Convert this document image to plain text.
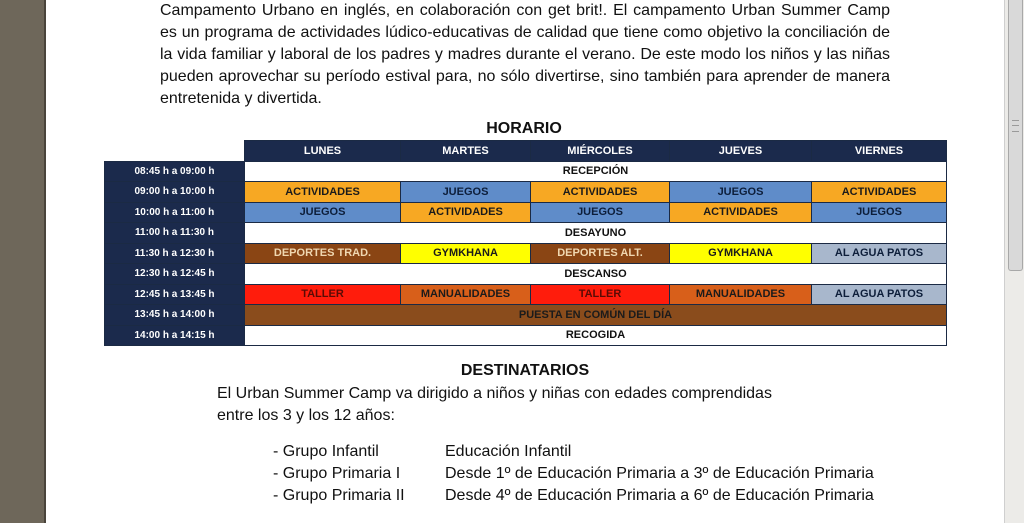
Campamento Urbano en inglés, en colaboración con get brit!. El campamento Urban Summer Camp es un programa de actividades lúdico-educativas de calidad que tiene como objetivo la conciliación de la vida familiar y laboral de los padres y madres durante el verano. De este modo los niños y las niñas pueden aprovechar su período estival para, no sólo divertirse, sino también para aprender de manera entretenida y divertida.

HORARIO
	LUNES	MARTES	MIÉRCOLES	JUEVES	VIERNES
08:45 h a 09:00 h	RECEPCIÓN				
09:00 h a 10:00 h	ACTIVIDADES	JUEGOS	ACTIVIDADES	JUEGOS	ACTIVIDADES
10:00 h a 11:00 h	JUEGOS	ACTIVIDADES	JUEGOS	ACTIVIDADES	JUEGOS
11:00 h a 11:30 h	DESAYUNO				
11:30 h a 12:30 h	DEPORTES TRAD.	GYMKHANA	DEPORTES ALT.	GYMKHANA	AL AGUA PATOS
12:30 h a 12:45 h	DESCANSO				
12:45 h a 13:45 h	TALLER	MANUALIDADES	TALLER	MANUALIDADES	AL AGUA PATOS
13:45 h a 14:00 h	PUESTA EN COMÚN DEL DÍA				
14:00 h a 14:15 h	RECOGIDA				
DESTINATARIOS

El Urban Summer Camp va dirigido a niños y niñas con edades comprendidas
entre los 3 y los 12 años:

- Grupo Infantil	Educación Infantil
- Grupo Primaria I	Desde 1º de Educación Primaria a 3º de Educación Primaria
- Grupo Primaria II	Desde 4º de Educación Primaria a 6º de Educación Primaria
